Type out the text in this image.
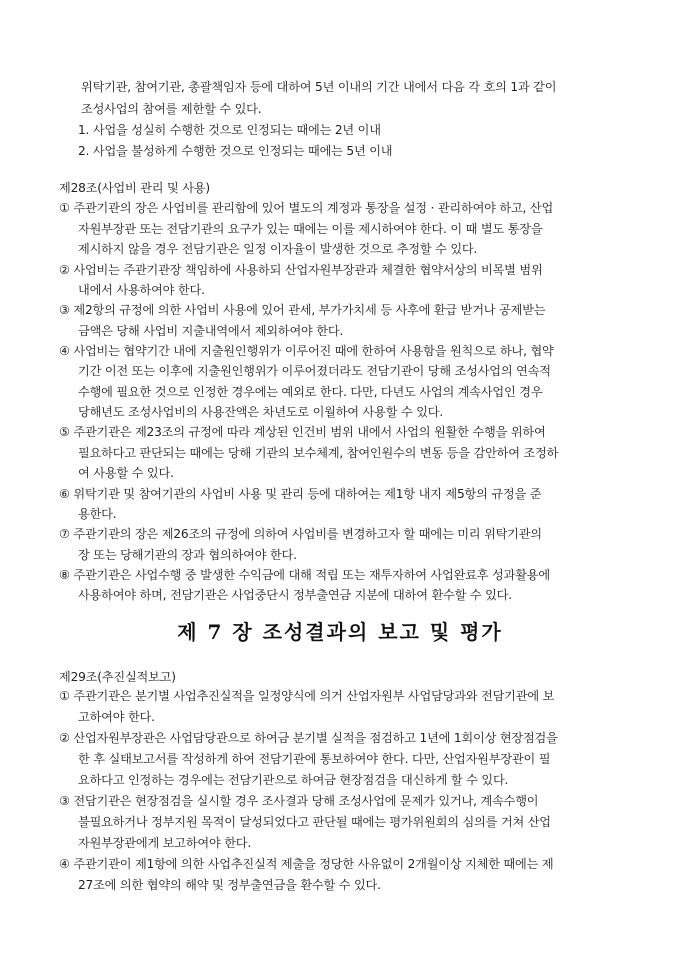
위탁기관, 참여기관, 총괄책임자 등에 대하여 5년 이내의 기간 내에서 다음 각 호의 1과 같이
조성사업의 참여를 제한할 수 있다.
1. 사업을 성실히 수행한 것으로 인정되는 때에는 2년 이내
2. 사업을 불성하게 수행한 것으로 인정되는 때에는 5년 이내
제28조(사업비 관리 및 사용)
① 주관기관의 장은 사업비를 관리함에 있어 별도의 계정과 통장을 설정 · 관리하여야 하고, 산업
자원부장관 또는 전담기관의 요구가 있는 때에는 이를 제시하여야 한다. 이 때 별도 통장을
제시하지 않을 경우 전담기관은 일정 이자율이 발생한 것으로 추정할 수 있다.
② 사업비는 주관기관장 책임하에 사용하되 산업자원부장관과 체결한 협약서상의 비목별 범위
내에서 사용하여야 한다.
③ 제2항의 규정에 의한 사업비 사용에 있어 관세, 부가가치세 등 사후에 환급 받거나 공제받는
금액은 당해 사업비 지출내역에서 제외하여야 한다.
④ 사업비는 협약기간 내에 지출원인행위가 이루어진 때에 한하여 사용함을 원칙으로 하나, 협약
기간 이전 또는 이후에 지출원인행위가 이루어졌더라도 전담기관이 당해 조성사업의 연속적
수행에 필요한 것으로 인정한 경우에는 예외로 한다. 다만, 다년도 사업의 계속사업인 경우
당해년도 조성사업비의 사용잔액은 차년도로 이월하여 사용할 수 있다.
⑤ 주관기관은 제23조의 규정에 따라 계상된 인건비 범위 내에서 사업의 원활한 수행을 위하여
필요하다고 판단되는 때에는 당해 기관의 보수체계, 참여인원수의 변동 등을 감안하여 조정하
여 사용할 수 있다.
⑥ 위탁기관 및 참여기관의 사업비 사용 및 관리 등에 대하여는 제1항 내지 제5항의 규정을 준
용한다.
⑦ 주관기관의 장은 제26조의 규정에 의하여 사업비를 변경하고자 할 때에는 미리 위탁기관의
장 또는 당해기관의 장과 협의하여야 한다.
⑧ 주관기관은 사업수행 중 발생한 수익금에 대해 적립 또는 재투자하여 사업완료후 성과활용에
사용하여야 하며, 전담기관은 사업중단시 정부출연금 지분에 대하여 환수할 수 있다.
제 7 장 조성결과의 보고 및 평가
제29조(추진실적보고)
① 주관기관은 분기별 사업추진실적을 일정양식에 의거 산업자원부 사업담당과와 전담기관에 보
고하여야 한다.
② 산업자원부장관은 사업담당관으로 하여금 분기별 실적을 점검하고 1년에 1회이상 현장점검을
한 후 실태보고서를 작성하게 하여 전담기관에 통보하여야 한다. 다만, 산업자원부장관이 필
요하다고 인정하는 경우에는 전담기관으로 하여금 현장점검을 대신하게 할 수 있다.
③ 전담기관은 현장점검을 실시할 경우 조사결과 당해 조성사업에 문제가 있거나, 계속수행이
불필요하거나 정부지원 목적이 달성되었다고 판단될 때에는 평가위원회의 심의를 거쳐 산업
자원부장관에게 보고하여야 한다.
④ 주관기관이 제1항에 의한 사업추진실적 제출을 정당한 사유없이 2개월이상 지체한 때에는 제
27조에 의한 협약의 해약 및 정부출연금을 환수할 수 있다.
